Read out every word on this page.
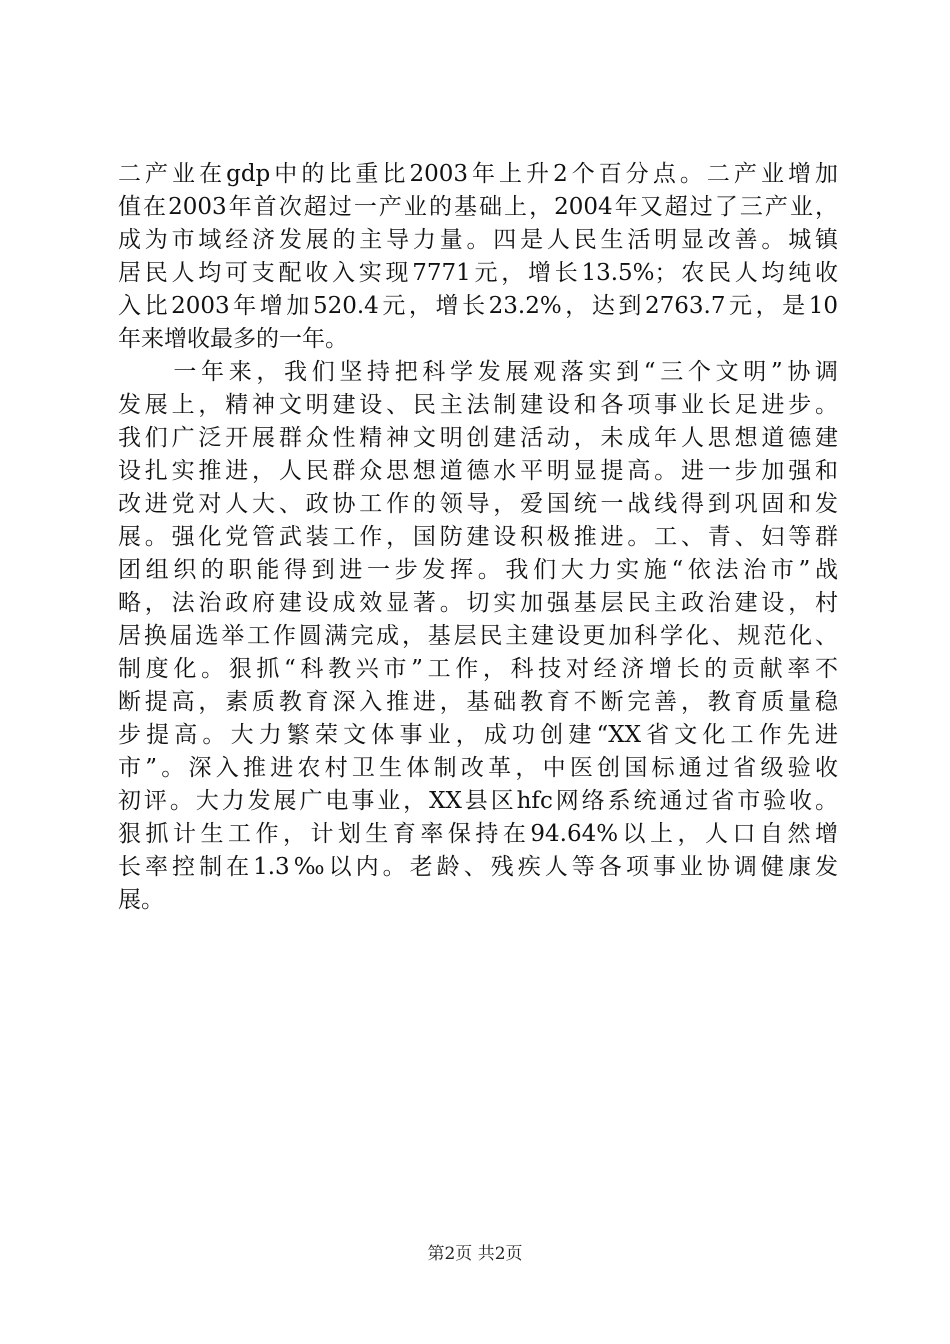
二产业在gdp中的比重比2003年上升2个百分点。二产业增加
值在2003年首次超过一产业的基础上，2004年又超过了三产业，
成为市域经济发展的主导力量。四是人民生活明显改善。城镇
居民人均可支配收入实现7771元，增长13.5%；农民人均纯收
入比2003年增加520.4元，增长23.2%，达到2763.7元，是10
年来增收最多的一年。
　　一年来，我们坚持把科学发展观落实到“三个文明”协调
发展上，精神文明建设、民主法制建设和各项事业长足进步。
我们广泛开展群众性精神文明创建活动，未成年人思想道德建
设扎实推进，人民群众思想道德水平明显提高。进一步加强和
改进党对人大、政协工作的领导，爱国统一战线得到巩固和发
展。强化党管武装工作，国防建设积极推进。工、青、妇等群
团组织的职能得到进一步发挥。我们大力实施“依法治市”战
略，法治政府建设成效显著。切实加强基层民主政治建设，村
居换届选举工作圆满完成，基层民主建设更加科学化、规范化、
制度化。狠抓“科教兴市”工作，科技对经济增长的贡献率不
断提高，素质教育深入推进，基础教育不断完善，教育质量稳
步提高。大力繁荣文体事业，成功创建“XX省文化工作先进
市”。深入推进农村卫生体制改革，中医创国标通过省级验收
初评。大力发展广电事业，XX县区hfc网络系统通过省市验收。
狠抓计生工作，计划生育率保持在94.64%以上，人口自然增
长率控制在1.3‰以内。老龄、残疾人等各项事业协调健康发
展。
第2页 共2页
